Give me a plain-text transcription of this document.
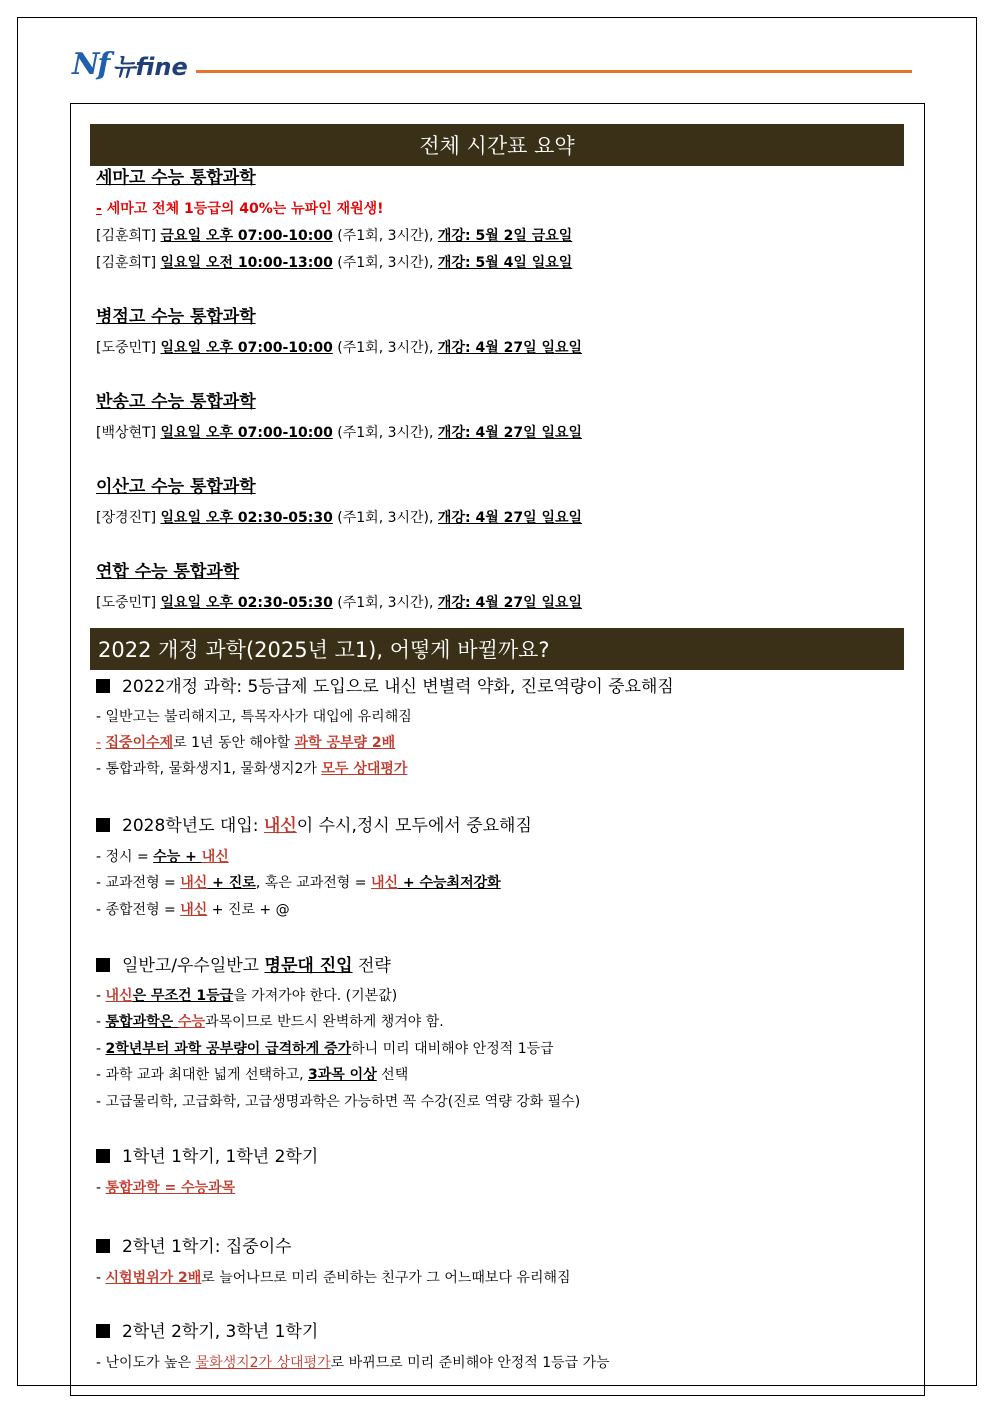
Nf 뉴fine
전체 시간표 요약
세마고 수능 통합과학
- 세마고 전체 1등급의 40%는 뉴파인 재원생!
[김훈희T] 금요일 오후 07:00-10:00 (주1회, 3시간), 개강: 5월 2일 금요일
[김훈희T] 일요일 오전 10:00-13:00 (주1회, 3시간), 개강: 5월 4일 일요일
병점고 수능 통합과학
[도중민T] 일요일 오후 07:00-10:00 (주1회, 3시간), 개강: 4월 27일 일요일
반송고 수능 통합과학
[백상현T] 일요일 오후 07:00-10:00 (주1회, 3시간), 개강: 4월 27일 일요일
이산고 수능 통합과학
[장경진T] 일요일 오후 02:30-05:30 (주1회, 3시간), 개강: 4월 27일 일요일
연합 수능 통합과학
[도중민T] 일요일 오후 02:30-05:30 (주1회, 3시간), 개강: 4월 27일 일요일
2022 개정 과학(2025년 고1), 어떻게 바뀔까요?
2022개정 과학: 5등급제 도입으로 내신 변별력 약화, 진로역량이 중요해짐
- 일반고는 불리해지고, 특목자사가 대입에 유리해짐
- 집중이수제로 1년 동안 해야할 과학 공부량 2배
- 통합과학, 물화생지1, 물화생지2가 모두 상대평가
2028학년도 대입: 내신이 수시,정시 모두에서 중요해짐
- 정시 = 수능 + 내신
- 교과전형 = 내신 + 진로, 혹은 교과전형 = 내신 + 수능최저강화
- 종합전형 = 내신 + 진로 + @
일반고/우수일반고 명문대 진입 전략
- 내신은 무조건 1등급을 가져가야 한다. (기본값)
- 통합과학은 수능과목이므로 반드시 완벽하게 챙겨야 함.
- 2학년부터 과학 공부량이 급격하게 증가하니 미리 대비해야 안정적 1등급
- 과학 교과 최대한 넓게 선택하고, 3과목 이상 선택
- 고급물리학, 고급화학, 고급생명과학은 가능하면 꼭 수강(진로 역량 강화 필수)
1학년 1학기, 1학년 2학기
- 통합과학 = 수능과목
2학년 1학기: 집중이수
- 시험범위가 2배로 늘어나므로 미리 준비하는 친구가 그 어느때보다 유리해짐
2학년 2학기, 3학년 1학기
- 난이도가 높은 물화생지2가 상대평가로 바뀌므로 미리 준비해야 안정적 1등급 가능
